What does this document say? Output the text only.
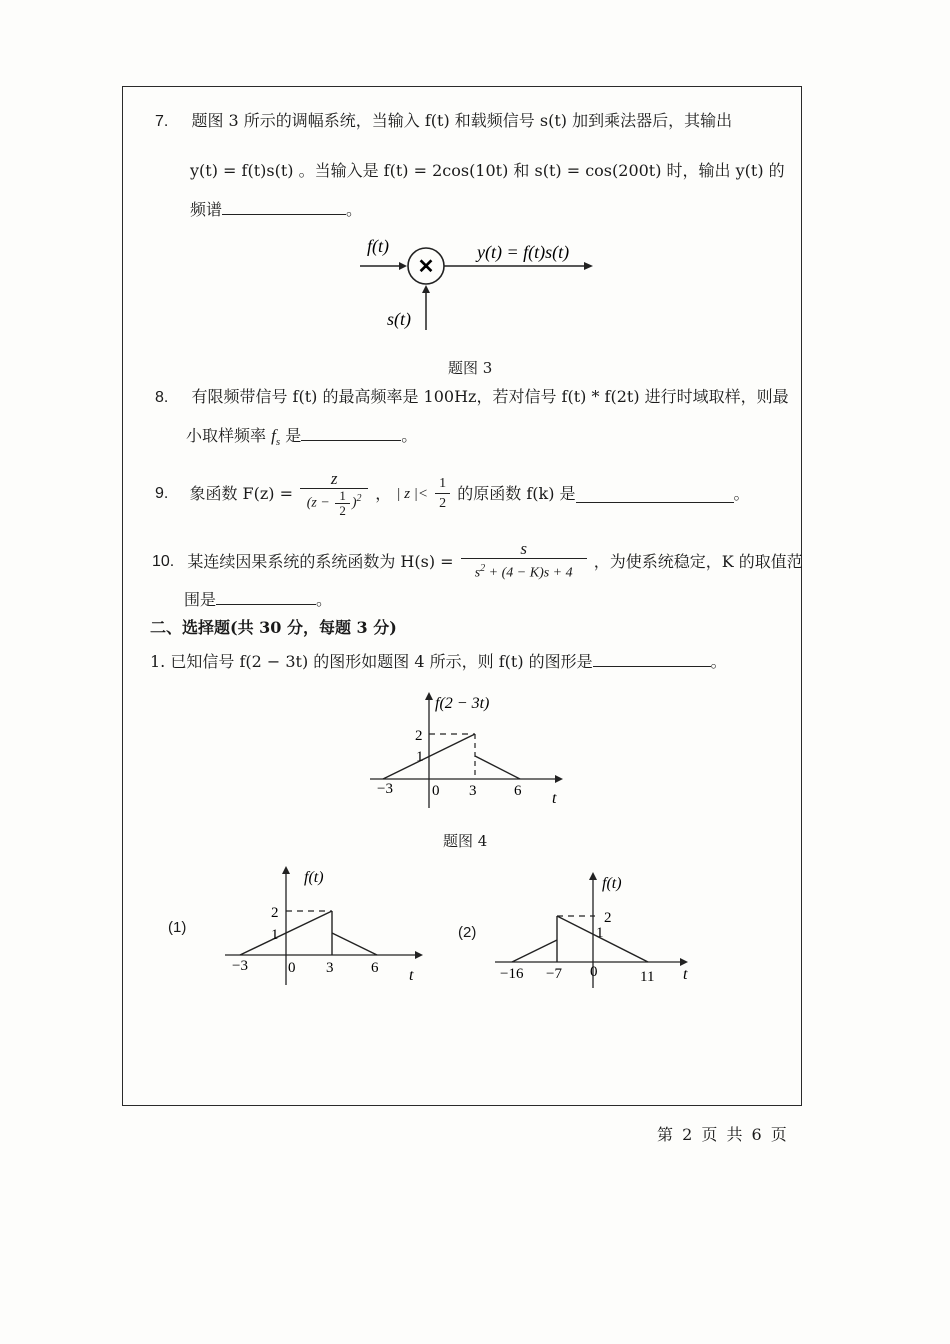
7. 题图 3 所示的调幅系统，当输入 f(t) 和载频信号 s(t) 加到乘法器后，其输出
y(t) = f(t)s(t) 。当输入是 f(t) = 2cos(10t) 和 s(t) = cos(200t) 时，输出 y(t) 的
频谱	。
f(t)
✕
y(t) = f(t)s(t)
s(t)
题图 3
8. 有限频带信号 f(t) 的最高频率是 100Hz，若对信号 f(t) * f(2t) 进行时域取样，则最
小取样频率 $f_s$ 是	。
9. 象函数 $F(z) = \frac{z}{(z - \frac{1}{2} )^2}$ ， | z |< $\frac{1}{2}$ 的原函数 f(k) 是	。
10. 某连续因果系统的系统函数为 $H(s) = \frac{s}{s^2 + (4 - K)s + 4}$ ，为使系统稳定，K 的取值范
围是	。
二、选择题(共 30 分，每题 3 分)
1. 已知信号 f(2 − 3t) 的图形如题图 4 所示，则 f(t) 的图形是	。
f(2 − 3t)
2
1
−3	0 3	6 t
题图 4
(1)
f(t)
2
1
−3	0 3	6 t
(2)
f(t)
2
1
−16 −7 0	11 t
第 2 页 共 6 页
